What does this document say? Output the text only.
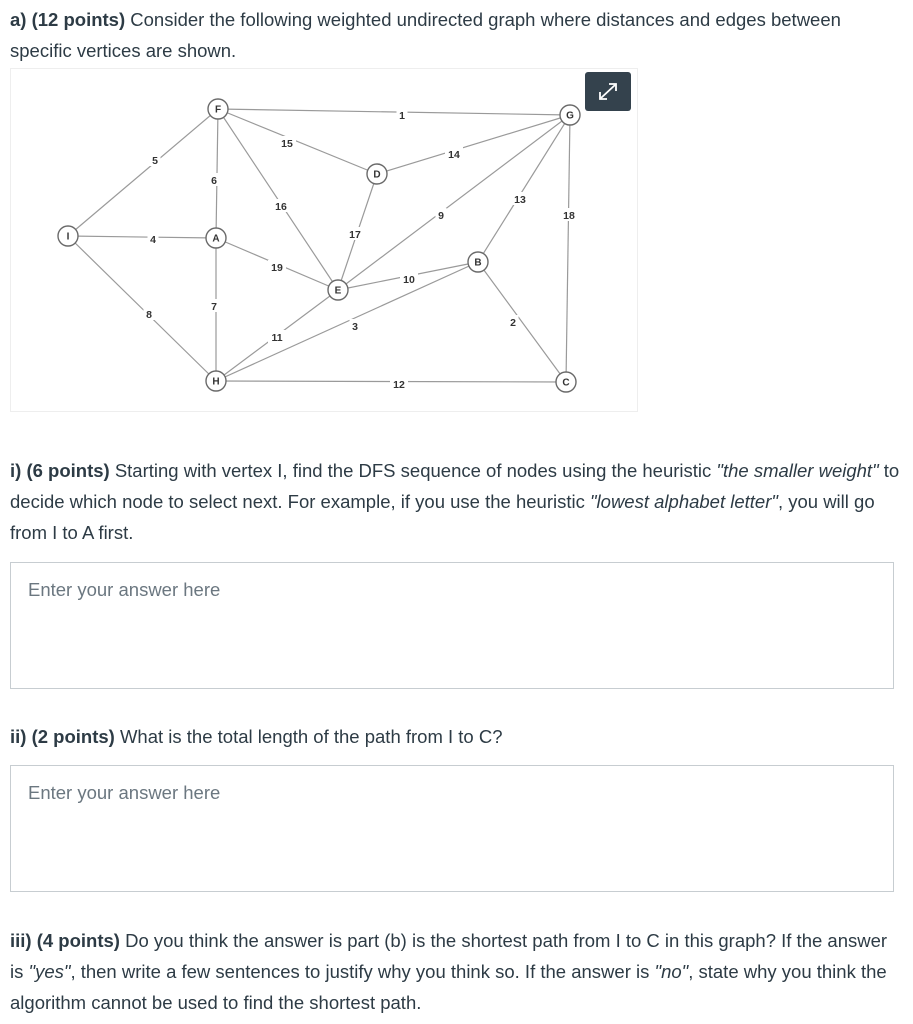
a) (12 points) Consider the following weighted undirected graph where distances and edges between specific vertices are shown.

1
15
5
6
16
14
17
9
13
18
4
8
19
7
10
11
3
12
2
F
G
D
I	A
B
E
H	C

i) (6 points) Starting with vertex I, find the DFS sequence of nodes using the heuristic "the smaller weight" to decide which node to select next. For example, if you use the heuristic "lowest alphabet letter", you will go from I to A first.

Enter your answer here

ii) (2 points) What is the total length of the path from I to C?

Enter your answer here

iii) (4 points) Do you think the answer is part (b) is the shortest path from I to C in this graph? If the answer is "yes", then write a few sentences to justify why you think so. If the answer is "no", state why you think the algorithm cannot be used to find the shortest path.
